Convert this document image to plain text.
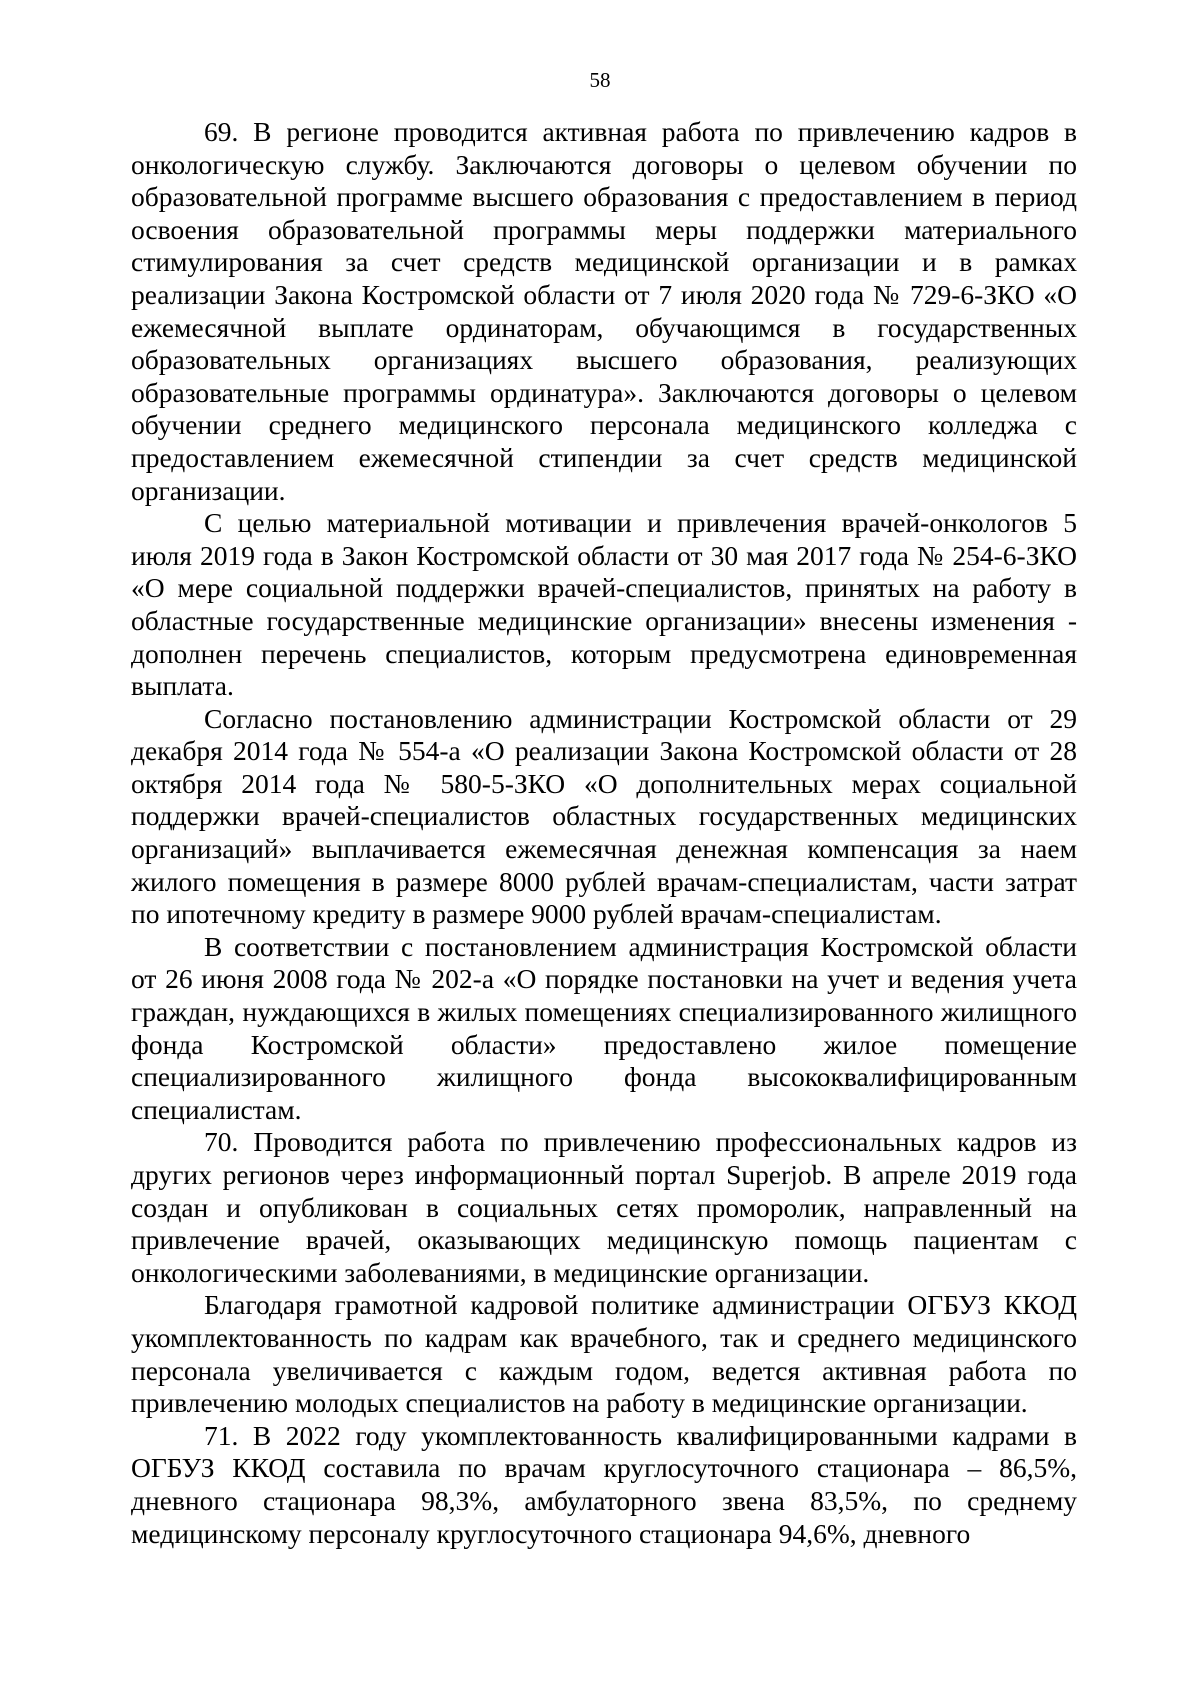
58

69. В регионе проводится активная работа по привлечению кадров в онкологическую службу. Заключаются договоры о целевом обучении по образовательной программе высшего образования с предоставлением в период освоения образовательной программы меры поддержки материального стимулирования за счет средств медицинской организации и в рамках реализации Закона Костромской области от 7 июля 2020 года № 729-6-ЗКО «О ежемесячной выплате ординаторам, обучающимся в государственных образовательных организациях высшего образования, реализующих образовательные программы ординатура». Заключаются договоры о целевом обучении среднего медицинского персонала медицинского колледжа с предоставлением ежемесячной стипендии за счет средств медицинской организации.

С целью материальной мотивации и привлечения врачей-онкологов 5 июля 2019 года в Закон Костромской области от 30 мая 2017 года № 254-6-ЗКО «О мере социальной поддержки врачей-специалистов, принятых на работу в областные государственные медицинские организации» внесены изменения - дополнен перечень специалистов, которым предусмотрена единовременная выплата.

Согласно постановлению администрации Костромской области от 29 декабря 2014 года № 554-а «О реализации Закона Костромской области от 28 октября 2014 года № 580-5-ЗКО «О дополнительных мерах социальной поддержки врачей-специалистов областных государственных медицинских организаций» выплачивается ежемесячная денежная компенсация за наем жилого помещения в размере 8000 рублей врачам-специалистам, части затрат по ипотечному кредиту в размере 9000 рублей врачам-специалистам.

В соответствии с постановлением администрация Костромской области от 26 июня 2008 года № 202-а «О порядке постановки на учет и ведения учета граждан, нуждающихся в жилых помещениях специализированного жилищного фонда Костромской области» предоставлено жилое помещение специализированного жилищного фонда высококвалифицированным специалистам.

70. Проводится работа по привлечению профессиональных кадров из других регионов через информационный портал Superjob. В апреле 2019 года создан и опубликован в социальных сетях проморолик, направленный на привлечение врачей, оказывающих медицинскую помощь пациентам с онкологическими заболеваниями, в медицинские организации.

Благодаря грамотной кадровой политике администрации ОГБУЗ ККОД укомплектованность по кадрам как врачебного, так и среднего медицинского персонала увеличивается с каждым годом, ведется активная работа по привлечению молодых специалистов на работу в медицинские организации.

71. В 2022 году укомплектованность квалифицированными кадрами в ОГБУЗ ККОД составила по врачам круглосуточного стационара – 86,5%, дневного стационара 98,3%, амбулаторного звена 83,5%, по среднему медицинскому персоналу круглосуточного стационара 94,6%, дневного
